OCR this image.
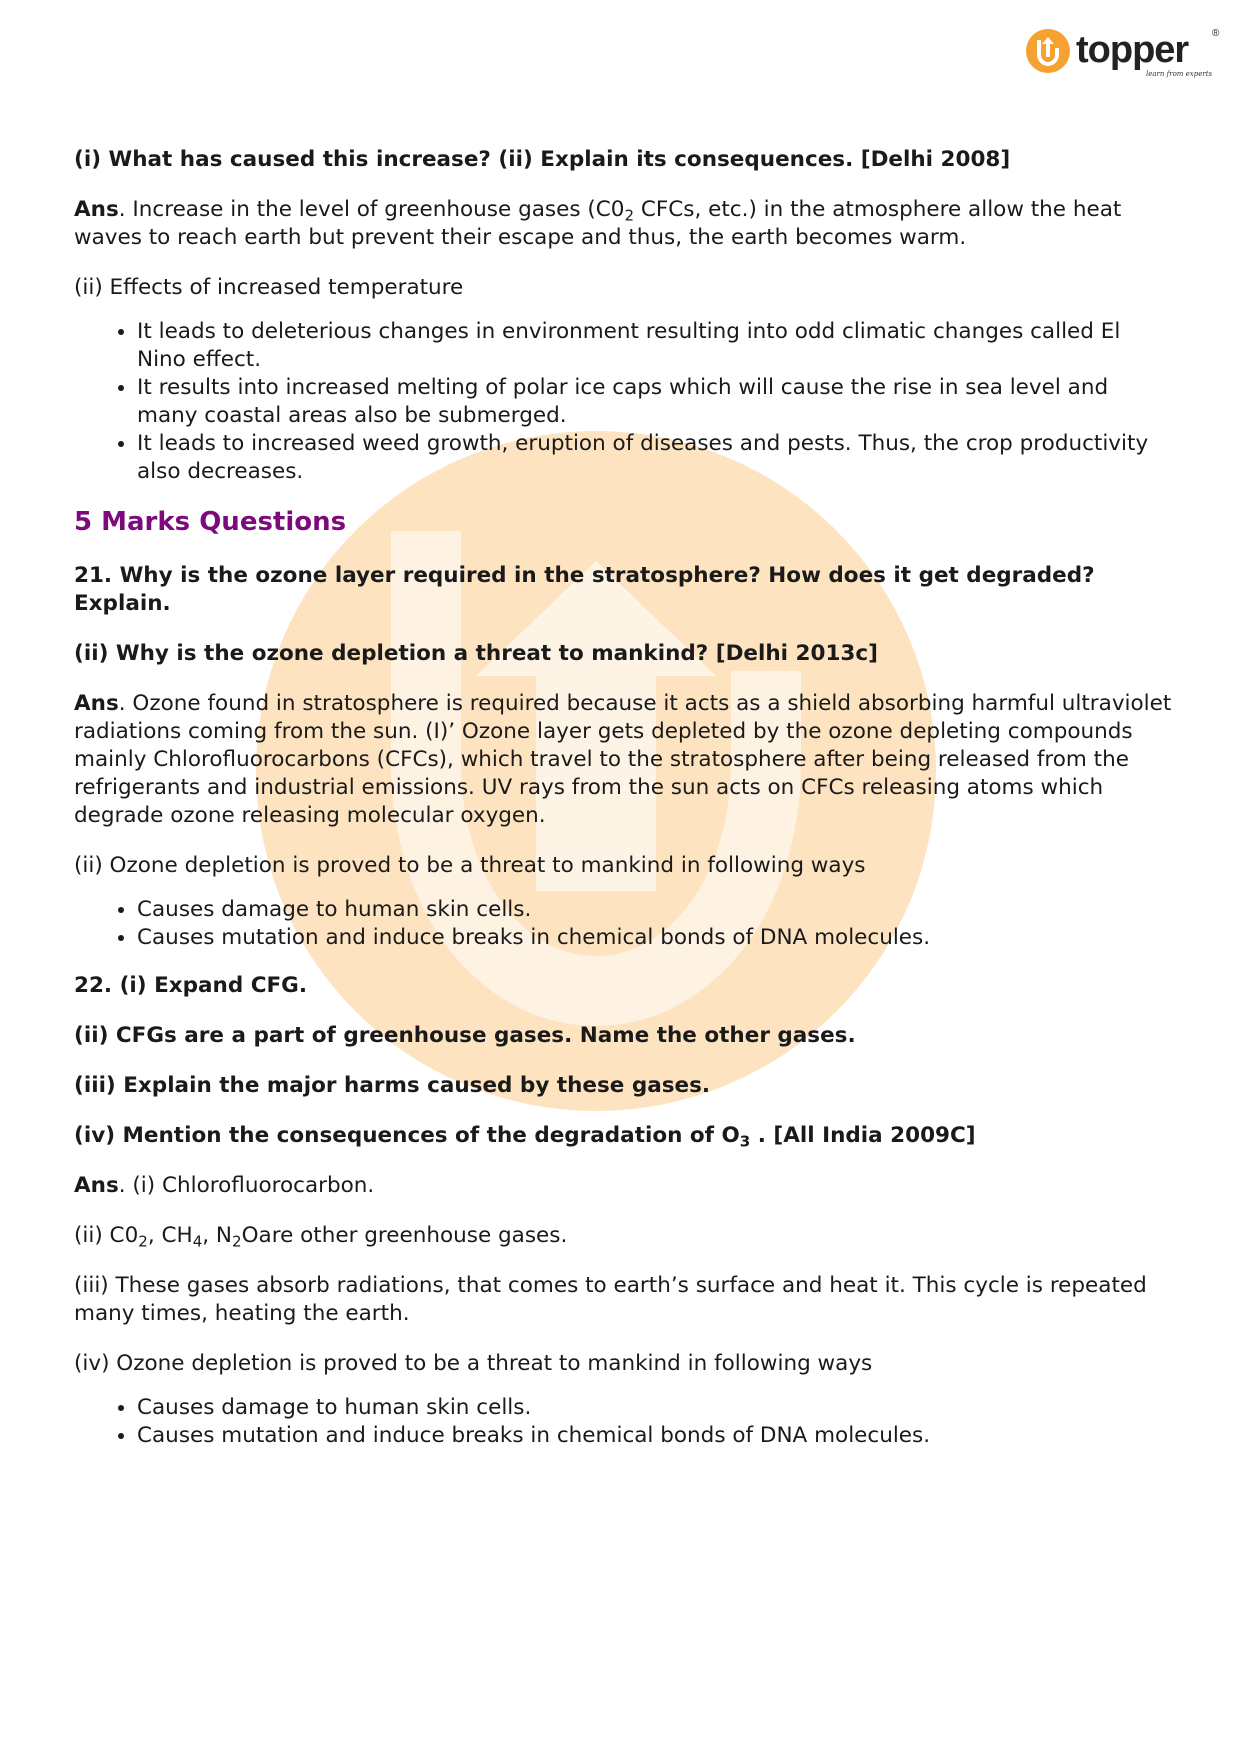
topper ®
learn from experts

(i) What has caused this increase? (ii) Explain its consequences. [Delhi 2008]

Ans. Increase in the level of greenhouse gases ($C0_2$ CFCs, etc.) in the atmosphere allow the heat waves to reach earth but prevent their escape and thus, the earth becomes warm.

(ii) Effects of increased temperature

• It leads to deleterious changes in environment resulting into odd climatic changes called El Nino effect.
• It results into increased melting of polar ice caps which will cause the rise in sea level and many coastal areas also be submerged.
• It leads to increased weed growth, eruption of diseases and pests. Thus, the crop productivity also decreases.
5 Marks Questions

21. Why is the ozone layer required in the stratosphere? How does it get degraded? Explain.

(ii) Why is the ozone depletion a threat to mankind? [Delhi 2013c]

Ans. Ozone found in stratosphere is required because it acts as a shield absorbing harmful ultraviolet radiations coming from the sun. (I)’ Ozone layer gets depleted by the ozone depleting compounds mainly Chlorofluorocarbons (CFCs), which travel to the stratosphere after being released from the refrigerants and industrial emissions. UV rays from the sun acts on CFCs releasing atoms which degrade ozone releasing molecular oxygen.

(ii) Ozone depletion is proved to be a threat to mankind in following ways

• Causes damage to human skin cells.
• Causes mutation and induce breaks in chemical bonds of DNA molecules.

22. (i) Expand CFG.

(ii) CFGs are a part of greenhouse gases. Name the other gases.

(iii) Explain the major harms caused by these gases.

(iv) Mention the consequences of the degradation of $O_3$ . [All India 2009C]

Ans. (i) Chlorofluorocarbon.

(ii) $C0_2$, $CH_4$, $N_2Oare$ other greenhouse gases.

(iii) These gases absorb radiations, that comes to earth’s surface and heat it. This cycle is repeated many times, heating the earth.

(iv) Ozone depletion is proved to be a threat to mankind in following ways

• Causes damage to human skin cells.
• Causes mutation and induce breaks in chemical bonds of DNA molecules.
